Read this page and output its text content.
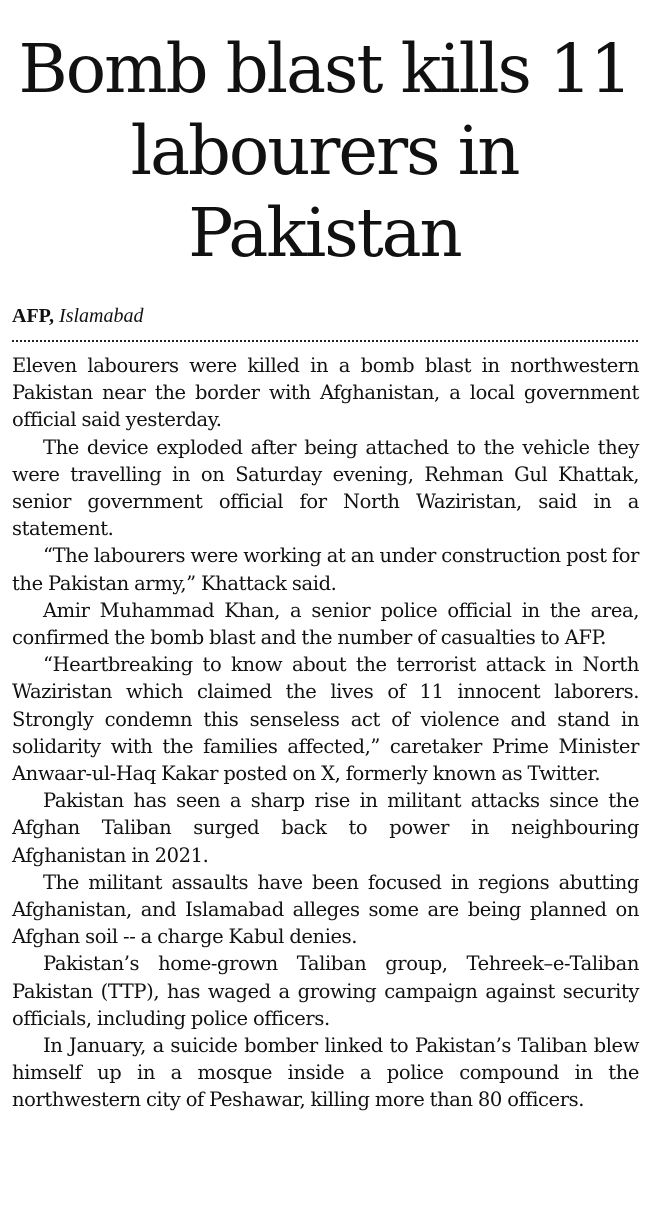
Bomb blast kills 11 labourers in Pakistan
AFP, Islamabad

Eleven labourers were killed in a bomb blast in northwestern Pakistan near the border with Afghanistan, a local government official said yesterday.

The device exploded after being attached to the vehicle they were travelling in on Saturday evening, Rehman Gul Khattak, senior government official for North Waziristan, said in a statement.

“The labourers were working at an under construction post for the Pakistan army,” Khattack said.

Amir Muhammad Khan, a senior police official in the area, confirmed the bomb blast and the number of casualties to AFP.

“Heartbreaking to know about the terrorist attack in North Waziristan which claimed the lives of 11 innocent laborers. Strongly condemn this senseless act of violence and stand in solidarity with the families affected,” caretaker Prime Minister Anwaar-ul-Haq Kakar posted on X, formerly known as Twitter.

Pakistan has seen a sharp rise in militant attacks since the Afghan Taliban surged back to power in neighbouring Afghanistan in 2021.

The militant assaults have been focused in regions abutting Afghanistan, and Islamabad alleges some are being planned on Afghan soil -- a charge Kabul denies.

Pakistan’s home-grown Taliban group, Tehreek–e-Taliban Pakistan (TTP), has waged a growing campaign against security officials, including police officers.

In January, a suicide bomber linked to Pakistan’s Taliban blew himself up in a mosque inside a police compound in the northwestern city of Peshawar, killing more than 80 officers.
